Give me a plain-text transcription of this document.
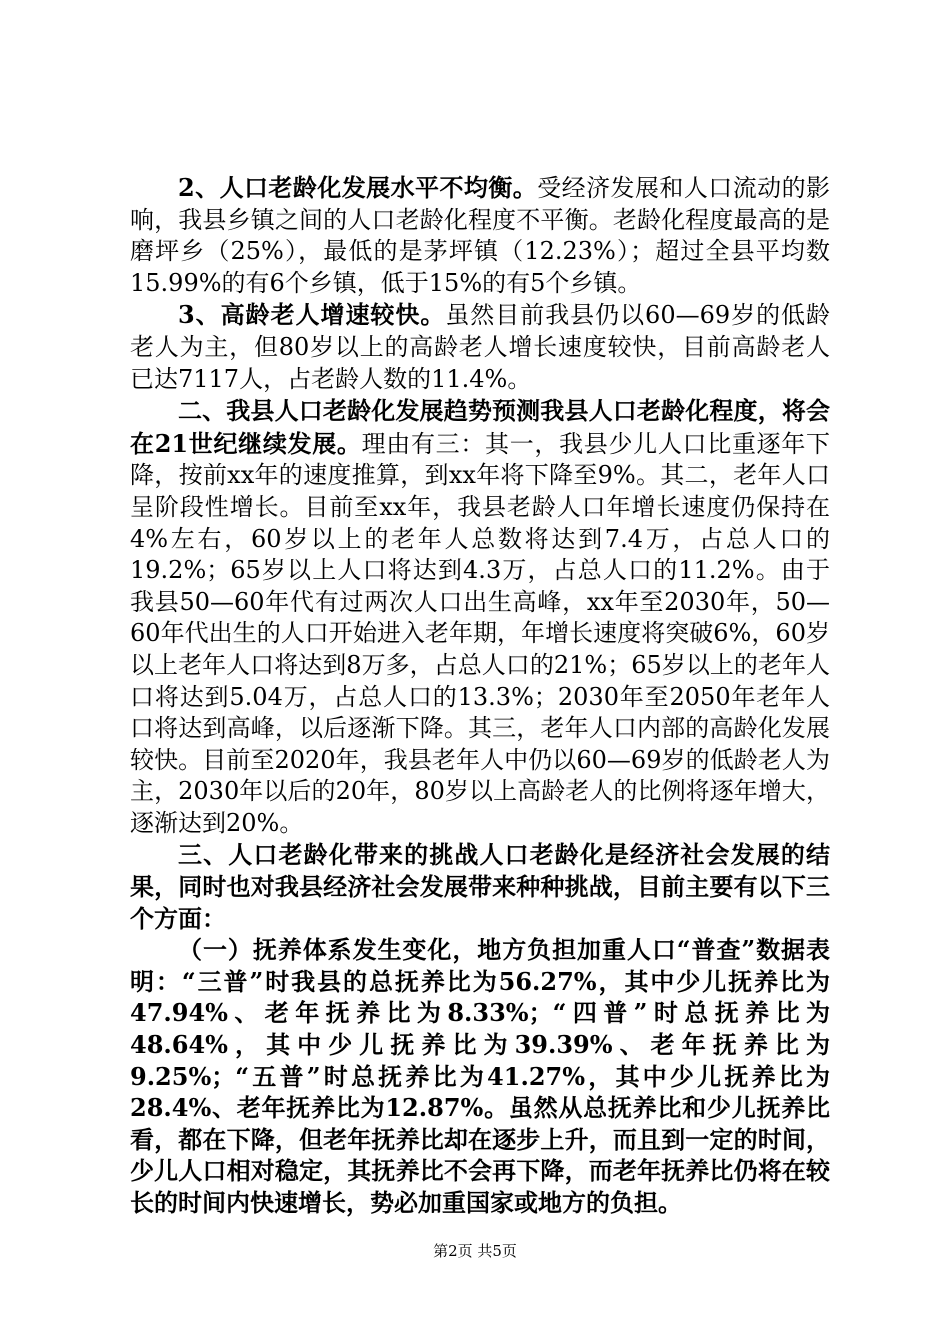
2、人口老龄化发展水平不均衡。受经济发展和人口流动的影响，我县乡镇之间的人口老龄化程度不平衡。老龄化程度最高的是磨坪乡（25%），最低的是茅坪镇（12.23%）；超过全县平均数15.99%的有6个乡镇，低于15%的有5个乡镇。

3、高龄老人增速较快。虽然目前我县仍以60—69岁的低龄老人为主，但80岁以上的高龄老人增长速度较快，目前高龄老人已达7117人，占老龄人数的11.4%。

二、我县人口老龄化发展趋势预测我县人口老龄化程度，将会在21世纪继续发展。理由有三：其一，我县少儿人口比重逐年下降，按前xx年的速度推算，到xx年将下降至9%。其二，老年人口呈阶段性增长。目前至xx年，我县老龄人口年增长速度仍保持在4%左右，60岁以上的老年人总数将达到7.4万，占总人口的19.2%；65岁以上人口将达到4.3万，占总人口的11.2%。由于我县50—60年代有过两次人口出生高峰，xx年至2030年，50—60年代出生的人口开始进入老年期，年增长速度将突破6%，60岁以上老年人口将达到8万多，占总人口的21%；65岁以上的老年人口将达到5.04万，占总人口的13.3%；2030年至2050年老年人口将达到高峰，以后逐渐下降。其三，老年人口内部的高龄化发展较快。目前至2020年，我县老年人中仍以60—69岁的低龄老人为主，2030年以后的20年，80岁以上高龄老人的比例将逐年增大，逐渐达到20%。

三、人口老龄化带来的挑战人口老龄化是经济社会发展的结果，同时也对我县经济社会发展带来种种挑战，目前主要有以下三个方面：

（一）抚养体系发生变化，地方负担加重人口“普查”数据表明：“三普”时我县的总抚养比为56.27%，其中少儿抚养比为47.94%、老年抚养比为8.33%；“四普”时总抚养比为48.64%，其中少儿抚养比为39.39%、老年抚养比为9.25%；“五普”时总抚养比为41.27%，其中少儿抚养比为28.4%、老年抚养比为12.87%。虽然从总抚养比和少儿抚养比看，都在下降，但老年抚养比却在逐步上升，而且到一定的时间，少儿人口相对稳定，其抚养比不会再下降，而老年抚养比仍将在较长的时间内快速增长，势必加重国家或地方的负担。

第2页 共5页
